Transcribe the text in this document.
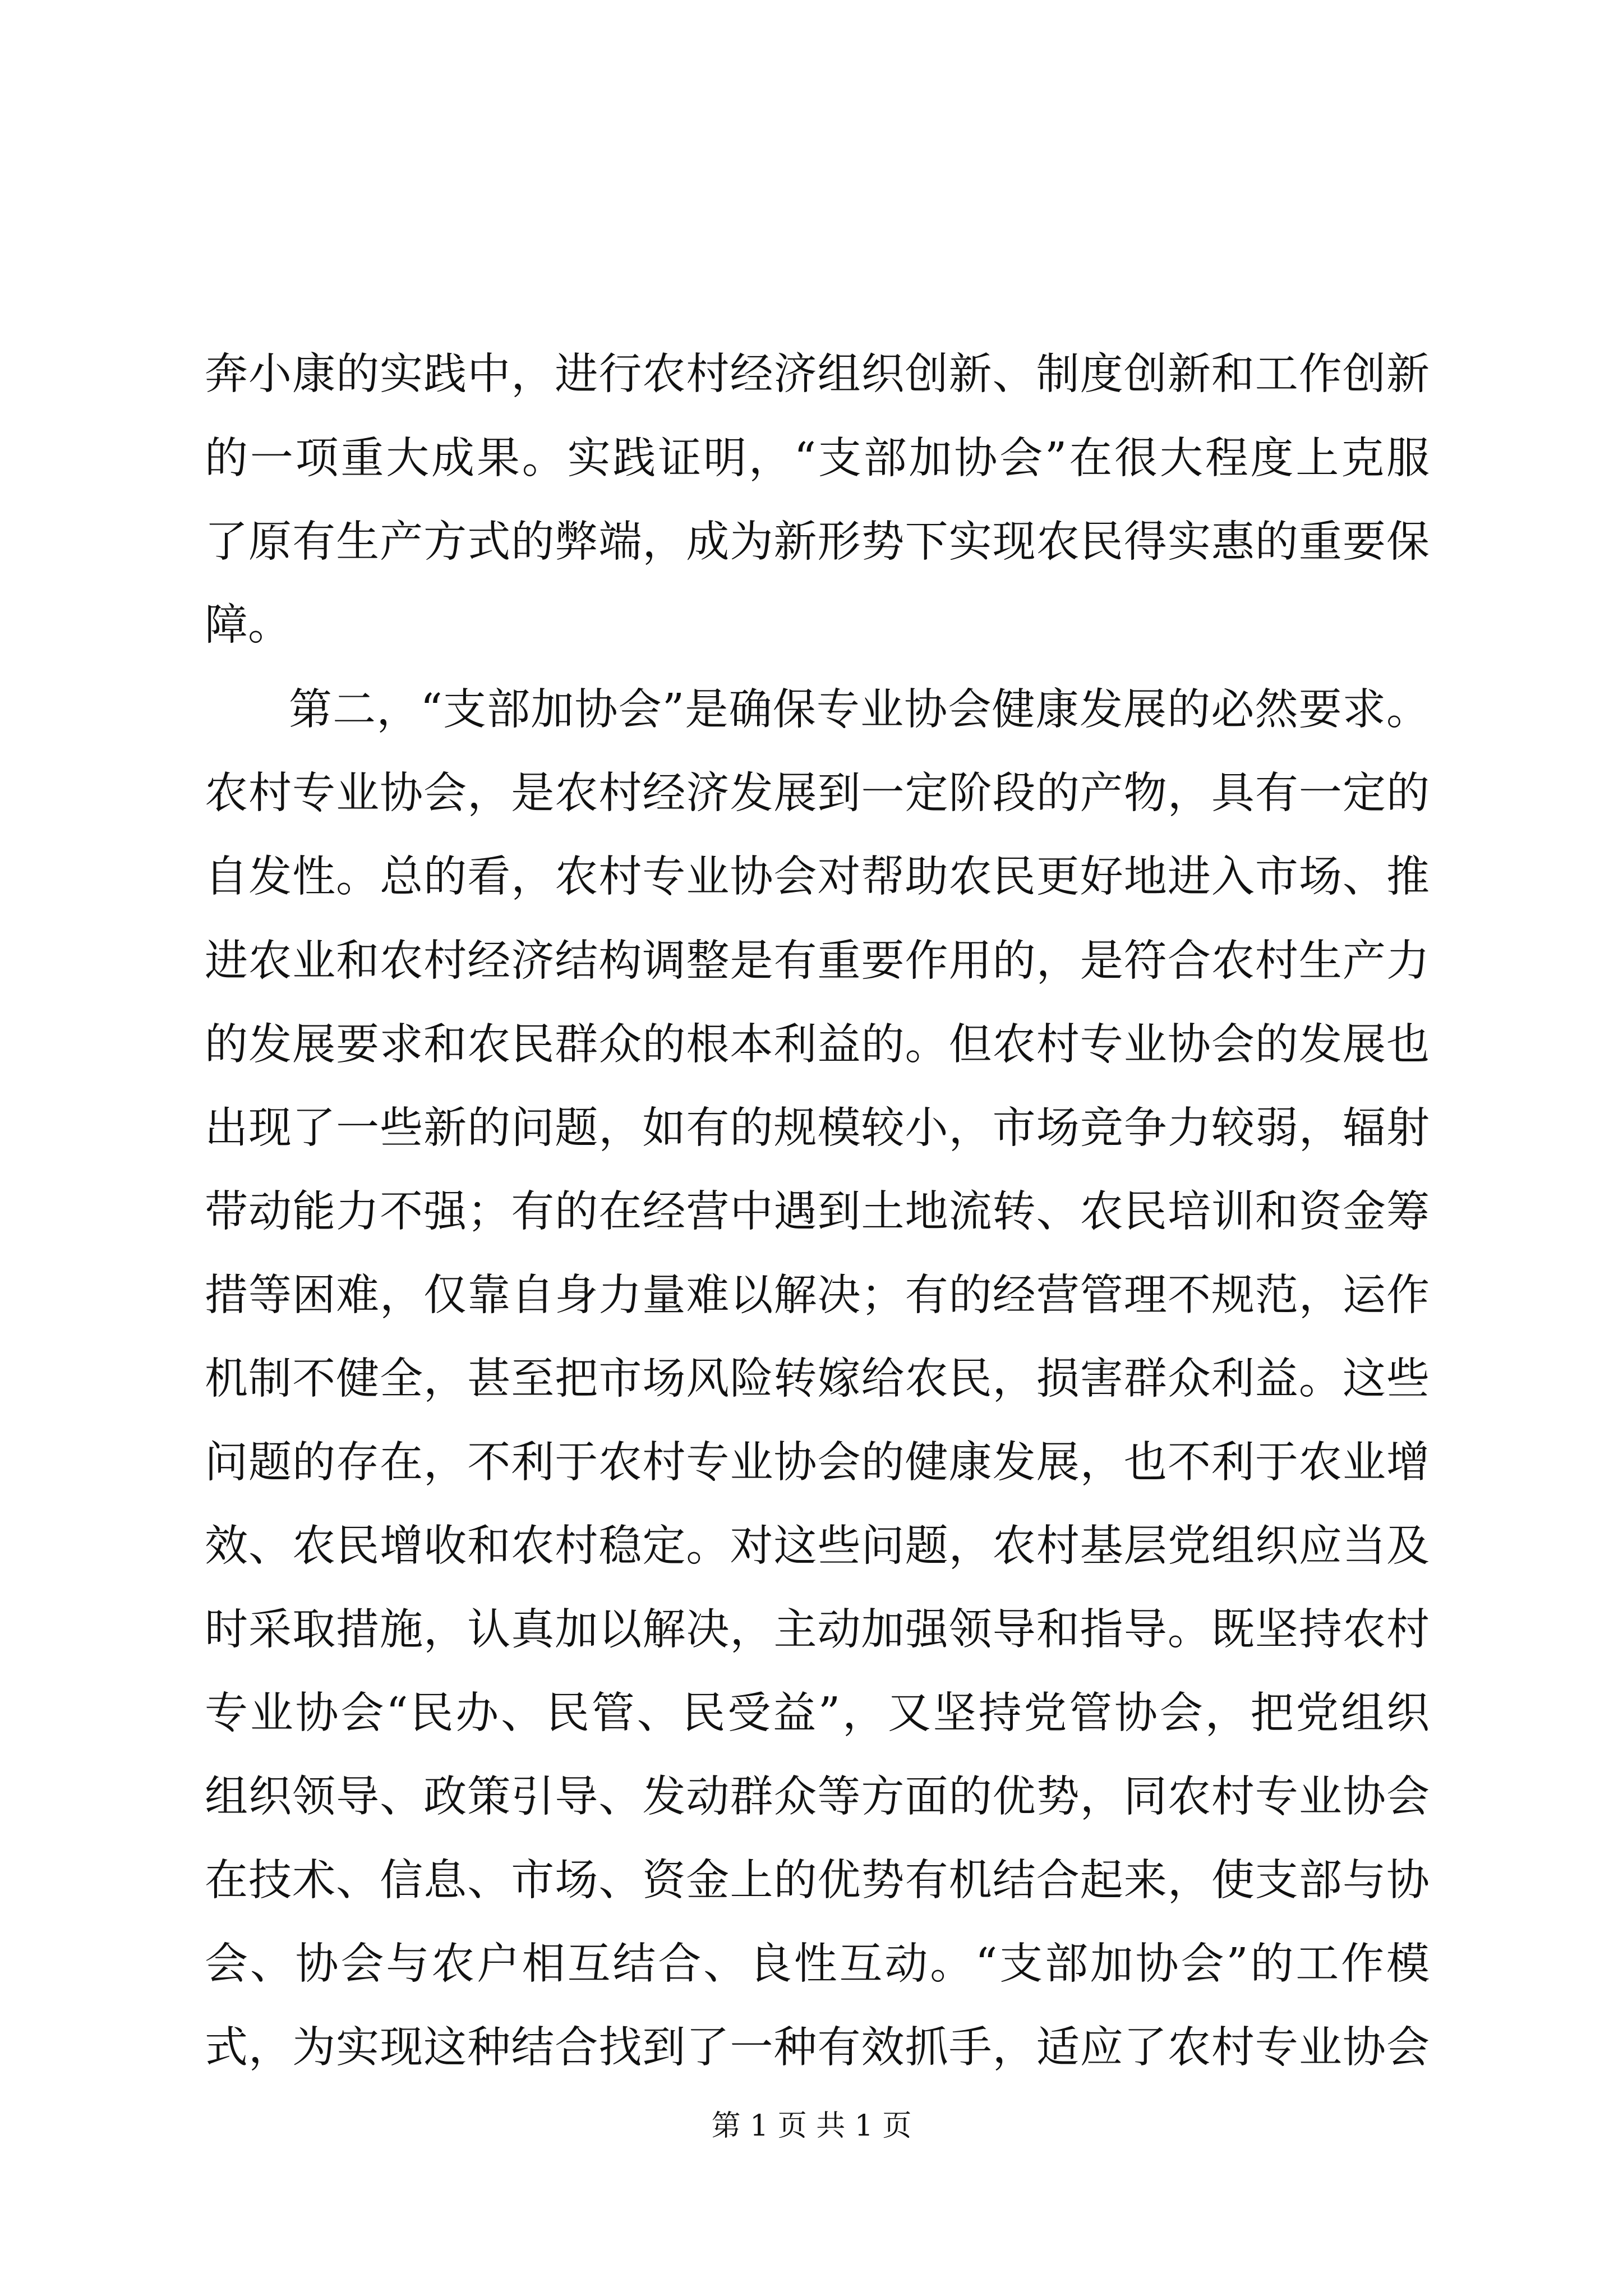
奔小康的实践中，进行农村经济组织创新、制度创新和工作创新
的一项重大成果。实践证明，“支部加协会”在很大程度上克服
了原有生产方式的弊端，成为新形势下实现农民得实惠的重要保
障。
第二，“支部加协会”是确保专业协会健康发展的必然要求。
农村专业协会，是农村经济发展到一定阶段的产物，具有一定的
自发性。总的看，农村专业协会对帮助农民更好地进入市场、推
进农业和农村经济结构调整是有重要作用的，是符合农村生产力
的发展要求和农民群众的根本利益的。但农村专业协会的发展也
出现了一些新的问题，如有的规模较小，市场竞争力较弱，辐射
带动能力不强；有的在经营中遇到土地流转、农民培训和资金筹
措等困难，仅靠自身力量难以解决；有的经营管理不规范，运作
机制不健全，甚至把市场风险转嫁给农民，损害群众利益。这些
问题的存在，不利于农村专业协会的健康发展，也不利于农业增
效、农民增收和农村稳定。对这些问题，农村基层党组织应当及
时采取措施，认真加以解决，主动加强领导和指导。既坚持农村
专业协会“民办、民管、民受益”，又坚持党管协会，把党组织
组织领导、政策引导、发动群众等方面的优势，同农村专业协会
在技术、信息、市场、资金上的优势有机结合起来，使支部与协
会、协会与农户相互结合、良性互动。“支部加协会”的工作模
式，为实现这种结合找到了一种有效抓手，适应了农村专业协会
第 1 页 共 1 页
